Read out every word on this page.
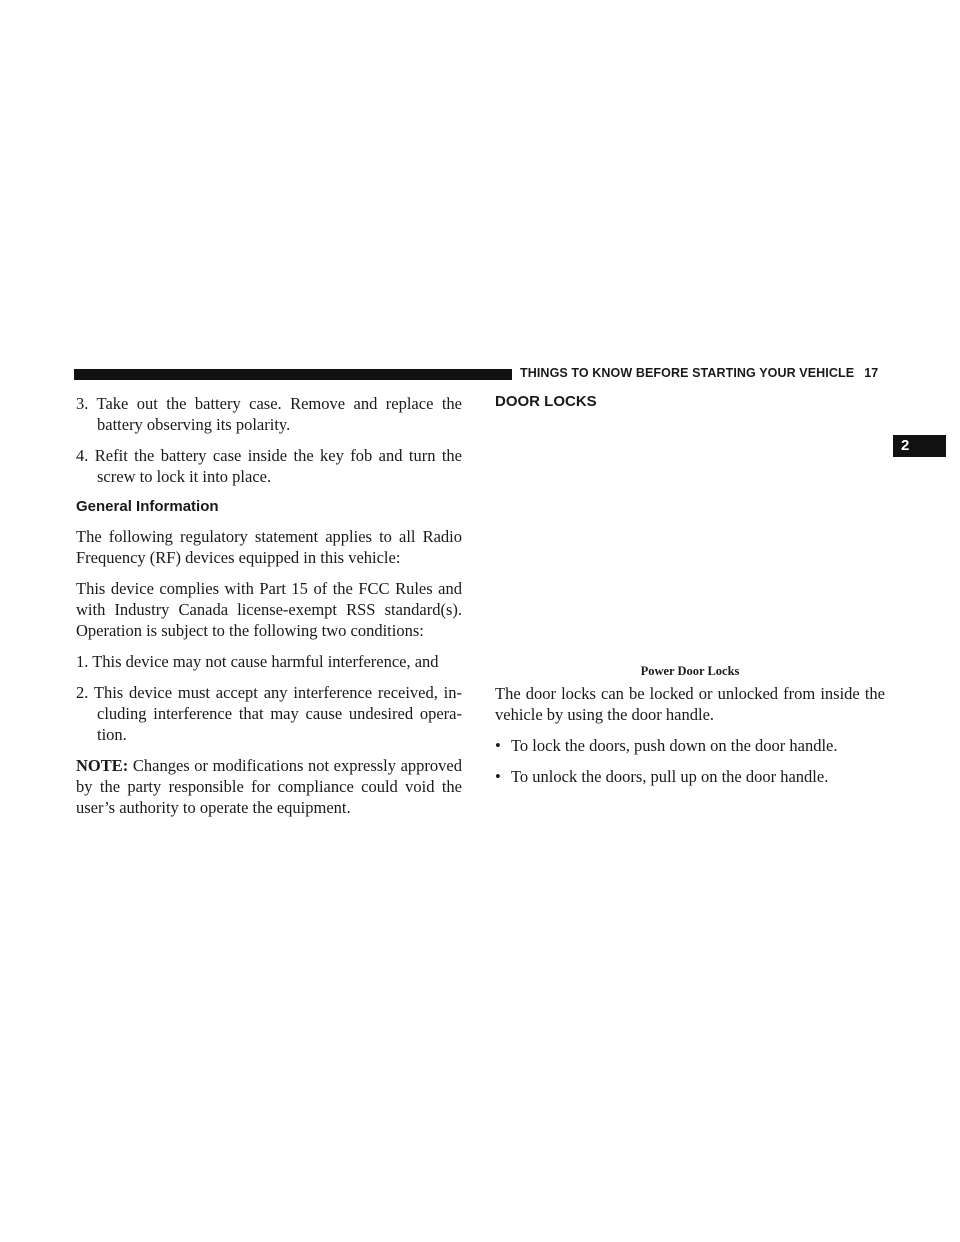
THINGS TO KNOW BEFORE STARTING YOUR VEHICLE 17
2
3. Take out the battery case. Remove and replace the battery observing its polarity.
4. Refit the battery case inside the key fob and turn the screw to lock it into place.
General Information

The following regulatory statement applies to all Radio Frequency (RF) devices equipped in this vehicle:

This device complies with Part 15 of the FCC Rules and with Industry Canada license-exempt RSS standard(s). Operation is subject to the following two conditions:

1. This device may not cause harmful interference, and
2. This device must accept any interference received, in-cluding interference that may cause undesired opera-tion.

NOTE: Changes or modifications not expressly approved by the party responsible for compliance could void the user’s authority to operate the equipment.

DOOR LOCKS
Power Door Locks

The door locks can be locked or unlocked from inside the vehicle by using the door handle.

• To lock the doors, push down on the door handle.
• To unlock the doors, pull up on the door handle.
